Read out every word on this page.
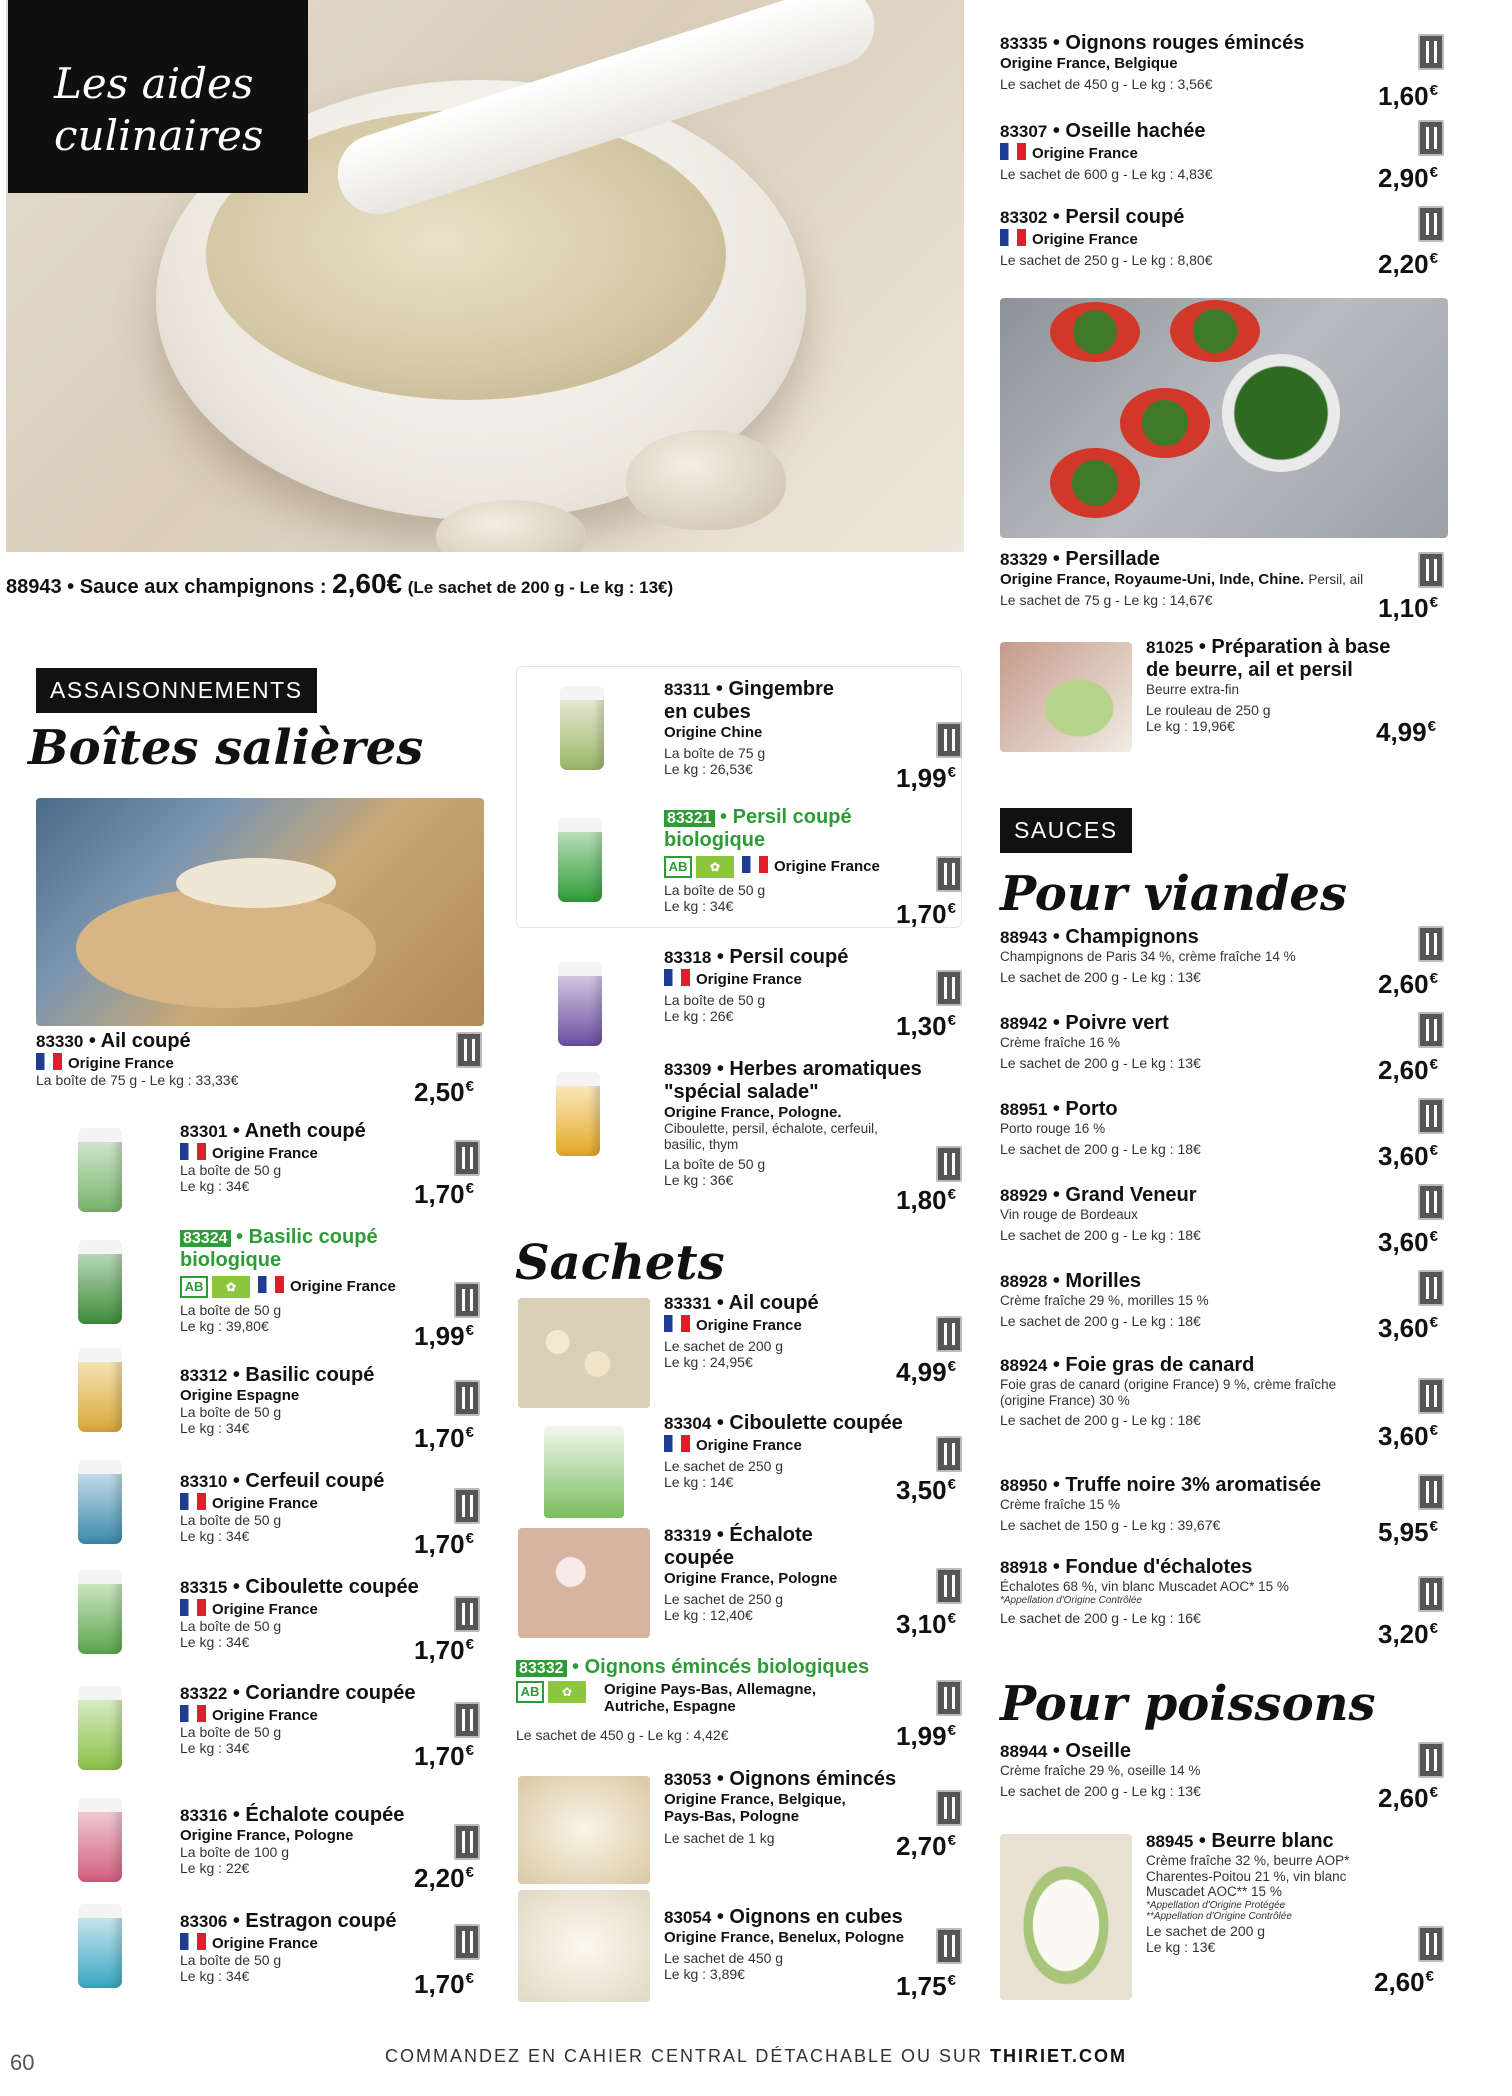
Les aides
culinaires
88943 • Sauce aux champignons : 2,60€ (Le sachet de 200 g - Le kg : 13€)
ASSAISONNEMENTS
Boîtes salières
Sachets
83330 • Ail coupé
Origine France
La boîte de 75 g - Le kg : 33,33€	2,50€
83301 • Aneth coupé
Origine France
La boîte de 50 g
Le kg : 34€	1,70€
83324 • Basilic coupé
biologique
AB ✿	Origine France
La boîte de 50 g
Le kg : 39,80€	1,99€
83312 • Basilic coupé
Origine Espagne
La boîte de 50 g
Le kg : 34€	1,70€
83310 • Cerfeuil coupé
Origine France
La boîte de 50 g
Le kg : 34€	1,70€
83315 • Ciboulette coupée
Origine France
La boîte de 50 g
Le kg : 34€	1,70€
83322 • Coriandre coupée
Origine France
La boîte de 50 g
Le kg : 34€	1,70€
83316 • Échalote coupée
Origine France, Pologne
La boîte de 100 g
Le kg : 22€	2,20€
83306 • Estragon coupé
Origine France
La boîte de 50 g
Le kg : 34€	1,70€
83311 • Gingembre
en cubes
Origine Chine
La boîte de 75 g
Le kg : 26,53€	1,99€
83321 • Persil coupé
biologique
AB ✿	Origine France
La boîte de 50 g
Le kg : 34€	1,70€
83318 • Persil coupé
Origine France
La boîte de 50 g
Le kg : 26€	1,30€
83309 • Herbes aromatiques
"spécial salade"
Origine France, Pologne.
Ciboulette, persil, échalote, cerfeuil, basilic, thym
La boîte de 50 g
Le kg : 36€
1,80€
83331 • Ail coupé
Origine France
Le sachet de 200 g
Le kg : 24,95€	4,99€
83304 • Ciboulette coupée
Origine France
Le sachet de 250 g
Le kg : 14€	3,50€
83319 • Échalote
coupée
Origine France, Pologne
Le sachet de 250 g
Le kg : 12,40€	3,10€
83332 • Oignons émincés biologiques
AB ✿ Origine Pays-Bas, Allemagne,
Autriche, Espagne
Le sachet de 450 g - Le kg : 4,42€	1,99€
83053 • Oignons émincés
Origine France, Belgique,
Pays-Bas, Pologne
Le sachet de 1 kg	2,70€
83054 • Oignons en cubes
Origine France, Benelux, Pologne
Le sachet de 450 g
Le kg : 3,89€	1,75€
83335 • Oignons rouges émincés
Origine France, Belgique
Le sachet de 450 g - Le kg : 3,56€	1,60€
83307 • Oseille hachée
Origine France
Le sachet de 600 g - Le kg : 4,83€	2,90€
83302 • Persil coupé
Origine France
Le sachet de 250 g - Le kg : 8,80€	2,20€
83329 • Persillade
Origine France, Royaume-Uni, Inde, Chine. Persil, ail
Le sachet de 75 g - Le kg : 14,67€	1,10€
81025 • Préparation à base
de beurre, ail et persil
Beurre extra-fin
Le rouleau de 250 g
Le kg : 19,96€	4,99€
SAUCES
Pour viandes
88943 • Champignons
Champignons de Paris 34 %, crème fraîche 14 %
Le sachet de 200 g - Le kg : 13€	2,60€
88942 • Poivre vert
Crème fraîche 16 %
Le sachet de 200 g - Le kg : 13€	2,60€
88951 • Porto
Porto rouge 16 %
Le sachet de 200 g - Le kg : 18€	3,60€
88929 • Grand Veneur
Vin rouge de Bordeaux
Le sachet de 200 g - Le kg : 18€	3,60€
88928 • Morilles
Crème fraîche 29 %, morilles 15 %
Le sachet de 200 g - Le kg : 18€	3,60€
88924 • Foie gras de canard
Foie gras de canard (origine France) 9 %, crème fraîche
(origine France) 30 %
Le sachet de 200 g - Le kg : 18€
3,60€
88950 • Truffe noire 3% aromatisée
Crème fraîche 15 %
Le sachet de 150 g - Le kg : 39,67€	5,95€
88918 • Fondue d'échalotes
Échalotes 68 %, vin blanc Muscadet AOC* 15 %
*Appellation d'Origine Contrôlée
Le sachet de 200 g - Le kg : 16€
3,20€
Pour poissons
88944 • Oseille
Crème fraîche 29 %, oseille 14 %
Le sachet de 200 g - Le kg : 13€	2,60€
88945 • Beurre blanc
Crème fraîche 32 %, beurre AOP*
Charentes-Poitou 21 %, vin blanc
Muscadet AOC** 15 %
*Appellation d'Origine Protégée
**Appellation d'Origine Contrôlée
Le sachet de 200 g
Le kg : 13€
2,60€
COMMANDEZ EN CAHIER CENTRAL DÉTACHABLE OU SUR THIRIET.COM
60
